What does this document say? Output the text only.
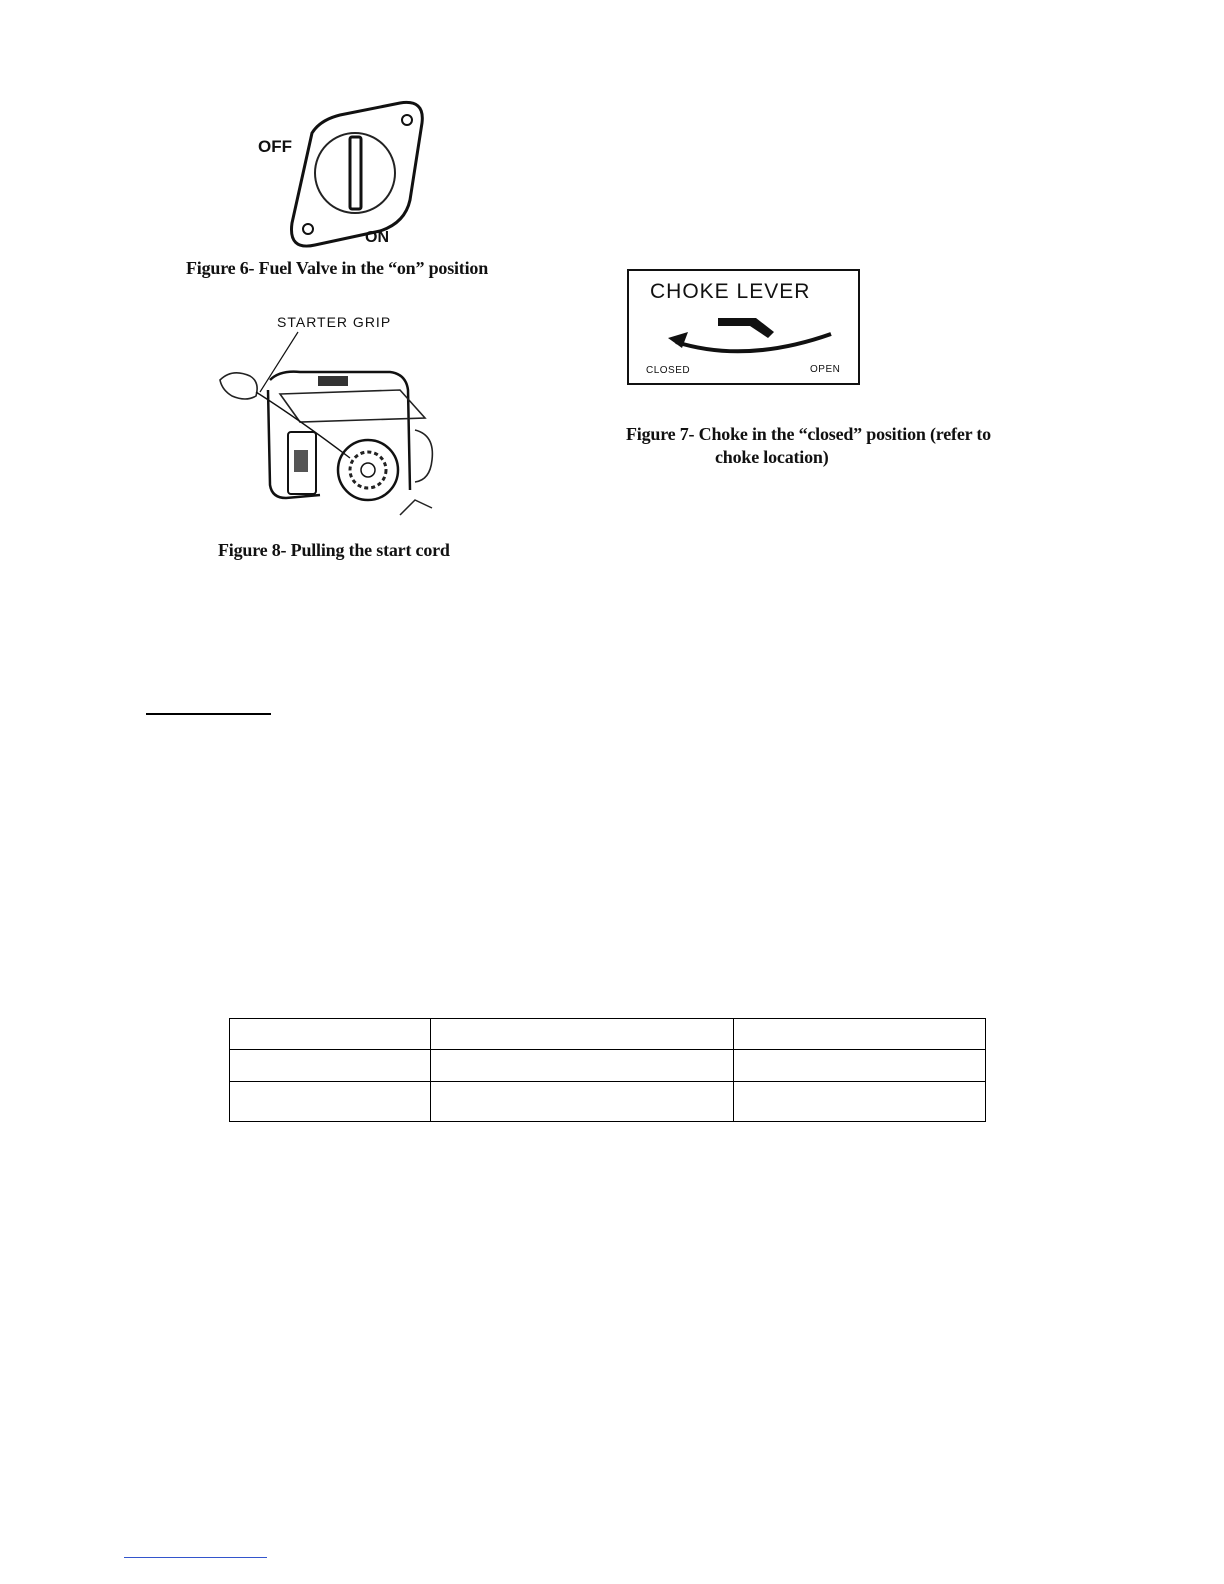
OFF
ON
Figure 6- Fuel Valve in the “on” position
STARTER GRIP
Figure 8- Pulling the start cord
CHOKE LEVER
CLOSED	OPEN
Figure 7- Choke in the “closed” position (refer to
choke location)
